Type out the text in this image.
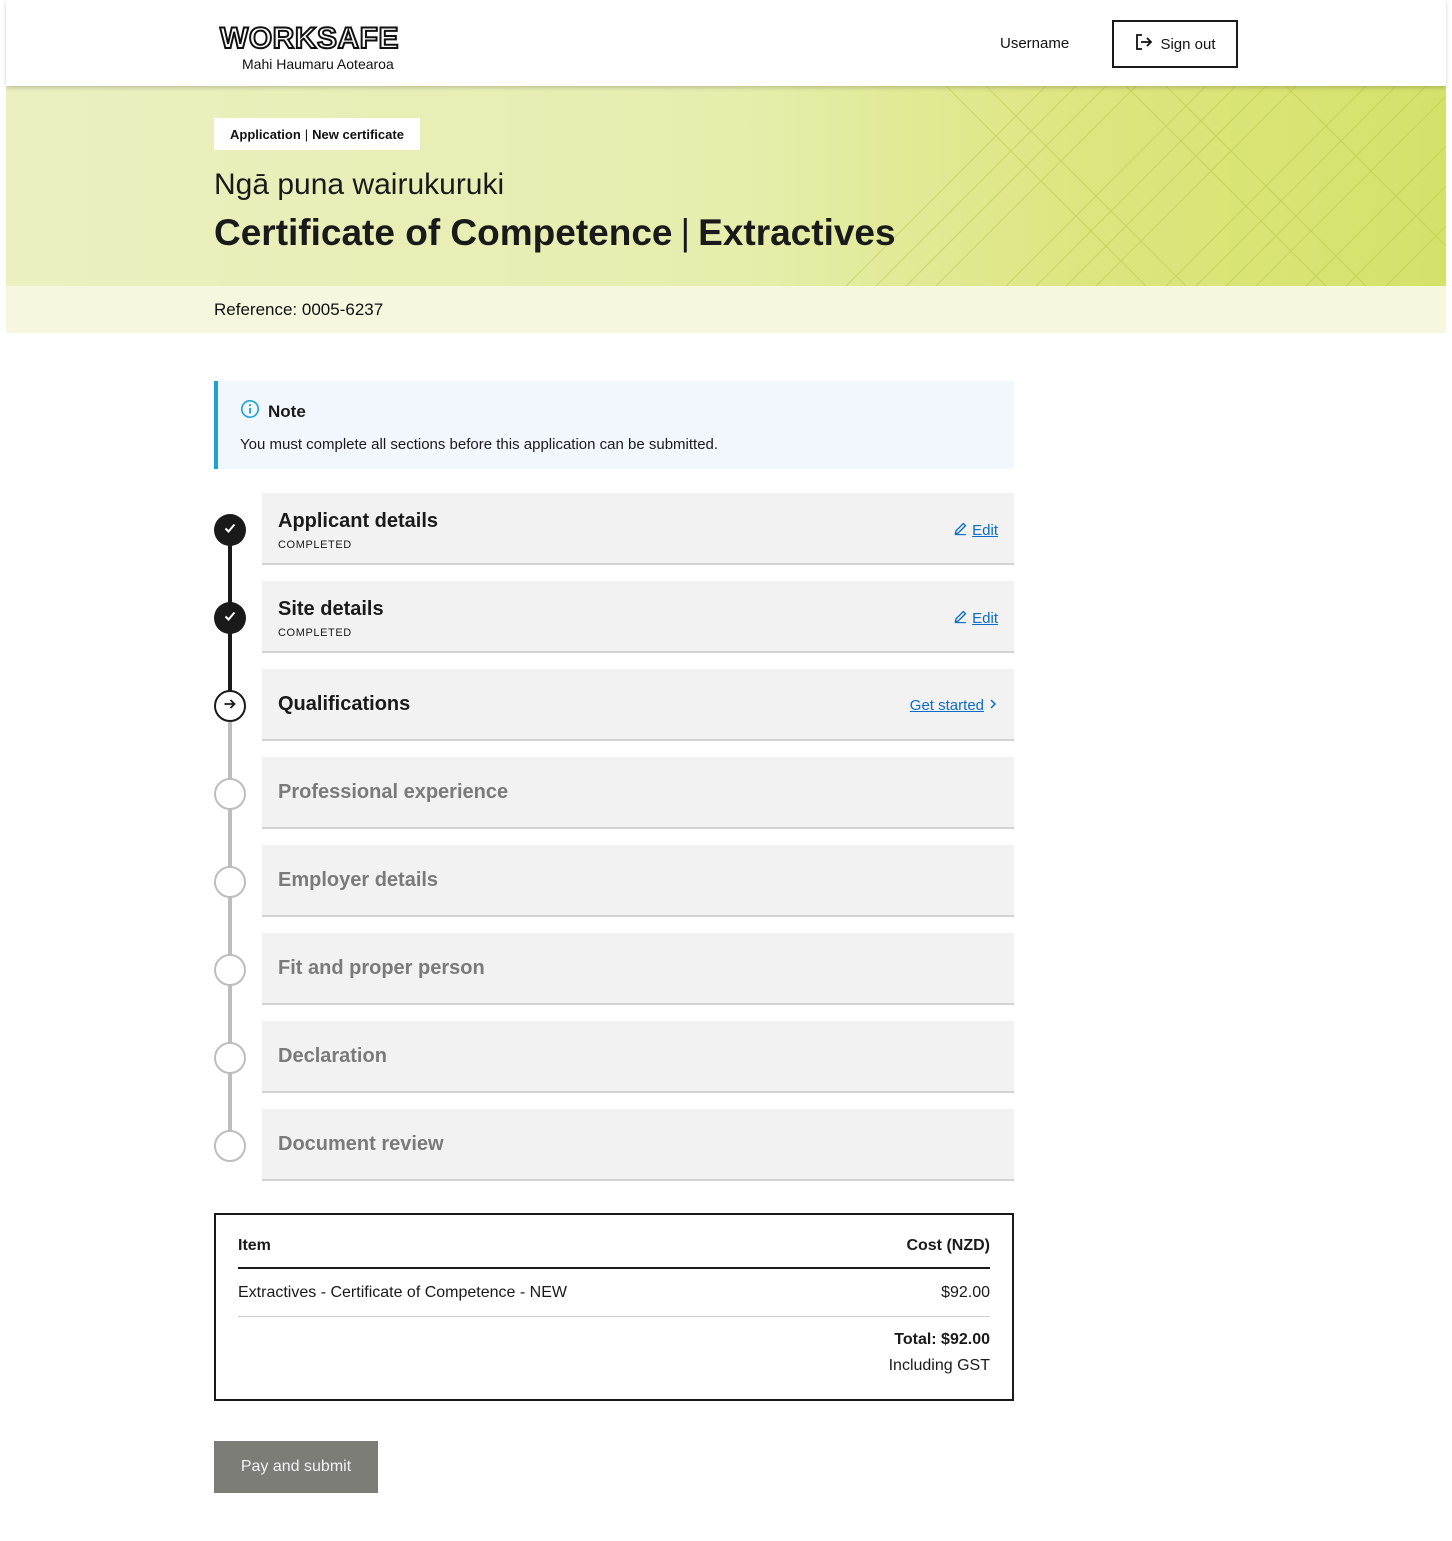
WORKSAFE
Mahi Haumaru Aotearoa
Username	Sign out
Application | New certificate
Ngā puna wairukuruki
Certificate of Competence | Extractives
Reference: 0005-6237
Note
You must complete all sections before this application can be submitted.
Applicant details
COMPLETED
Edit
Site details
COMPLETED
Edit
Qualifications	Get started
Professional experience
Employer details
Fit and proper person
Declaration
Document review
Item	Cost (NZD)
Extractives - Certificate of Competence - NEW	$92.00
Total: $92.00
Including GST
Pay and submit
